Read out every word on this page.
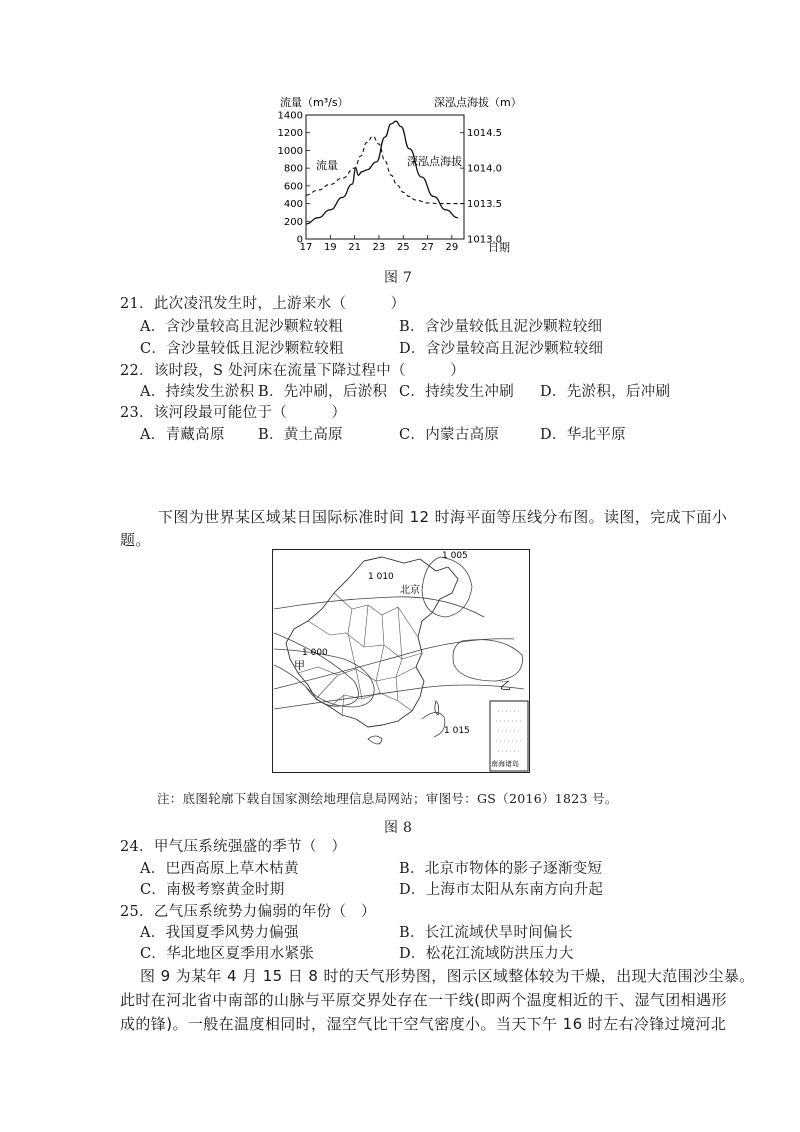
0
200
400
600
800
1000
1200
1400
1013.0
1013.5
1014.0
1014.5
17 19 21 23 25 27 29
流量（m³/s）	深泓点海拔（m）
日期
流量	深泓点海拔
图 7
21．此次凌汛发生时，上游来水（　　　）
A．含沙量较高且泥沙颗粒较粗	B．含沙量较低且泥沙颗粒较细
C．含沙量较低且泥沙颗粒较粗	D．含沙量较高且泥沙颗粒较细
22．该时段，S 处河床在流量下降过程中（　　　）
A．持续发生淤积 B．先冲刷，后淤积 C．持续发生冲刷 D．先淤积，后冲刷
23．该河段最可能位于（　　　）
A．青藏高原 B．黄土高原	C．内蒙古高原	D．华北平原
下图为世界某区域某日国际标准时间 12 时海平面等压线分布图。读图，完成下面小
题。
北京
甲
乙
南海诸岛
1 005
1 010
1 000
1 015
注：底图轮廓下载自国家测绘地理信息局网站；审图号：GS（2016）1823 号。
图 8
24．甲气压系统强盛的季节（　）
A．巴西高原上草木枯黄	B．北京市物体的影子逐渐变短
C．南极考察黄金时期	D．上海市太阳从东南方向升起
25．乙气压系统势力偏弱的年份（　）
A．我国夏季风势力偏强	B．长江流域伏旱时间偏长
C．华北地区夏季用水紧张	D．松花江流域防洪压力大
图 9 为某年 4 月 15 日 8 时的天气形势图，图示区域整体较为干燥，出现大范围沙尘暴。
此时在河北省中南部的山脉与平原交界处存在一干线(即两个温度相近的干、湿气团相遇形
成的锋)。一般在温度相同时，湿空气比干空气密度小。当天下午 16 时左右冷锋过境河北
